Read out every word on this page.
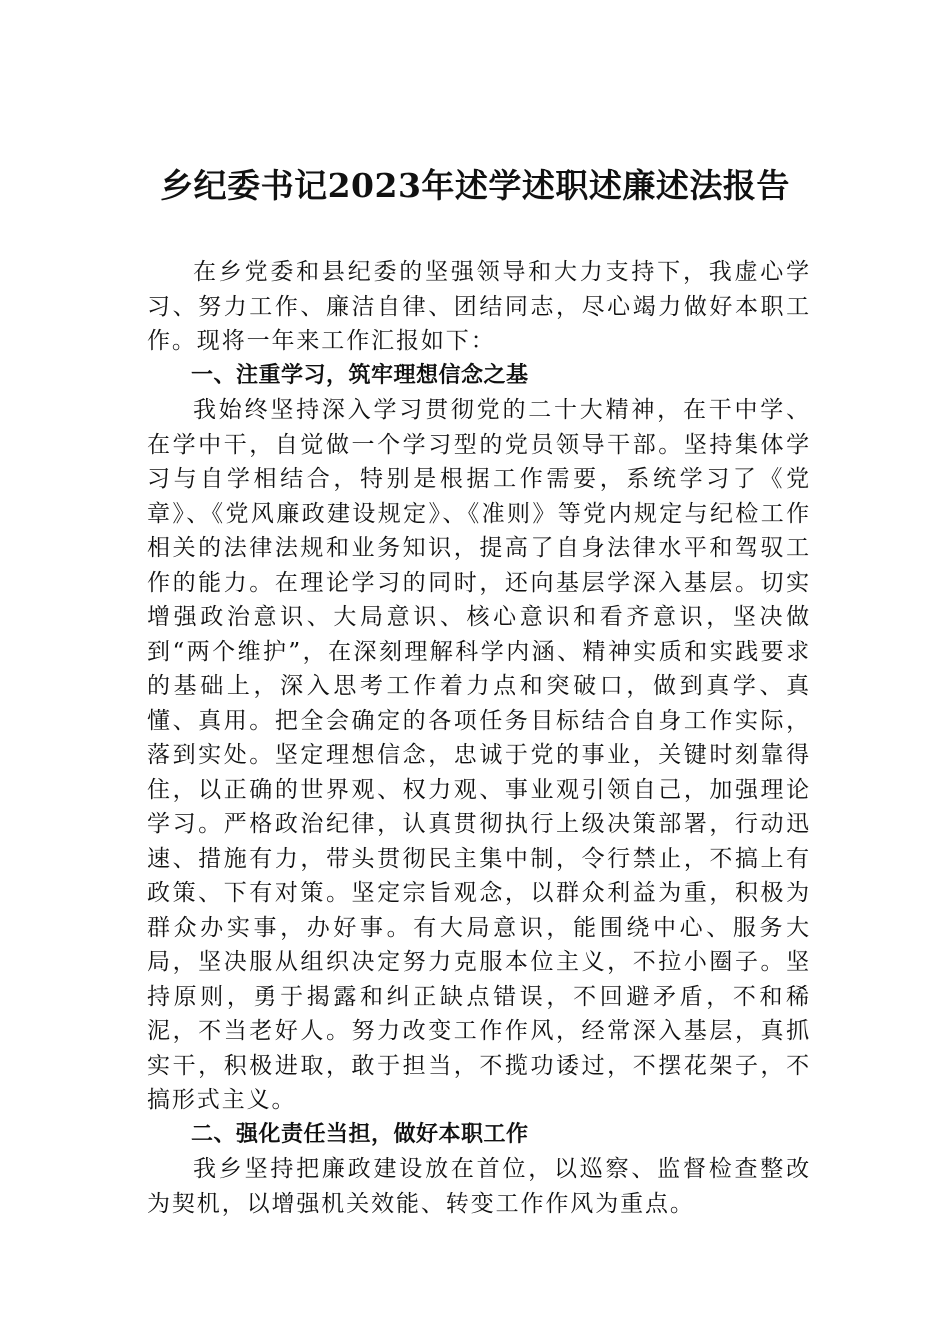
乡纪委书记2023年述学述职述廉述法报告

在乡党委和县纪委的坚强领导和大力支持下，我虚心学习、努力工作、廉洁自律、团结同志，尽心竭力做好本职工作。现将一年来工作汇报如下：

一、注重学习，筑牢理想信念之基

我始终坚持深入学习贯彻党的二十大精神，在干中学、在学中干，自觉做一个学习型的党员领导干部。坚持集体学习与自学相结合，特别是根据工作需要，系统学习了《党章》、《党风廉政建设规定》、《准则》等党内规定与纪检工作相关的法律法规和业务知识，提高了自身法律水平和驾驭工作的能力。在理论学习的同时，还向基层学深入基层。切实增强政治意识、大局意识、核心意识和看齐意识，坚决做到“两个维护”，在深刻理解科学内涵、精神实质和实践要求的基础上，深入思考工作着力点和突破口，做到真学、真懂、真用。把全会确定的各项任务目标结合自身工作实际，落到实处。坚定理想信念，忠诚于党的事业，关键时刻靠得住，以正确的世界观、权力观、事业观引领自己，加强理论学习。严格政治纪律，认真贯彻执行上级决策部署，行动迅速、措施有力，带头贯彻民主集中制，令行禁止，不搞上有政策、下有对策。坚定宗旨观念，以群众利益为重，积极为群众办实事，办好事。有大局意识，能围绕中心、服务大局，坚决服从组织决定努力克服本位主义，不拉小圈子。坚持原则，勇于揭露和纠正缺点错误，不回避矛盾，不和稀泥，不当老好人。努力改变工作作风，经常深入基层，真抓实干，积极进取，敢于担当，不揽功诿过，不摆花架子，不搞形式主义。

二、强化责任当担，做好本职工作

我乡坚持把廉政建设放在首位，以巡察、监督检查整改为契机，以增强机关效能、转变工作作风为重点。
